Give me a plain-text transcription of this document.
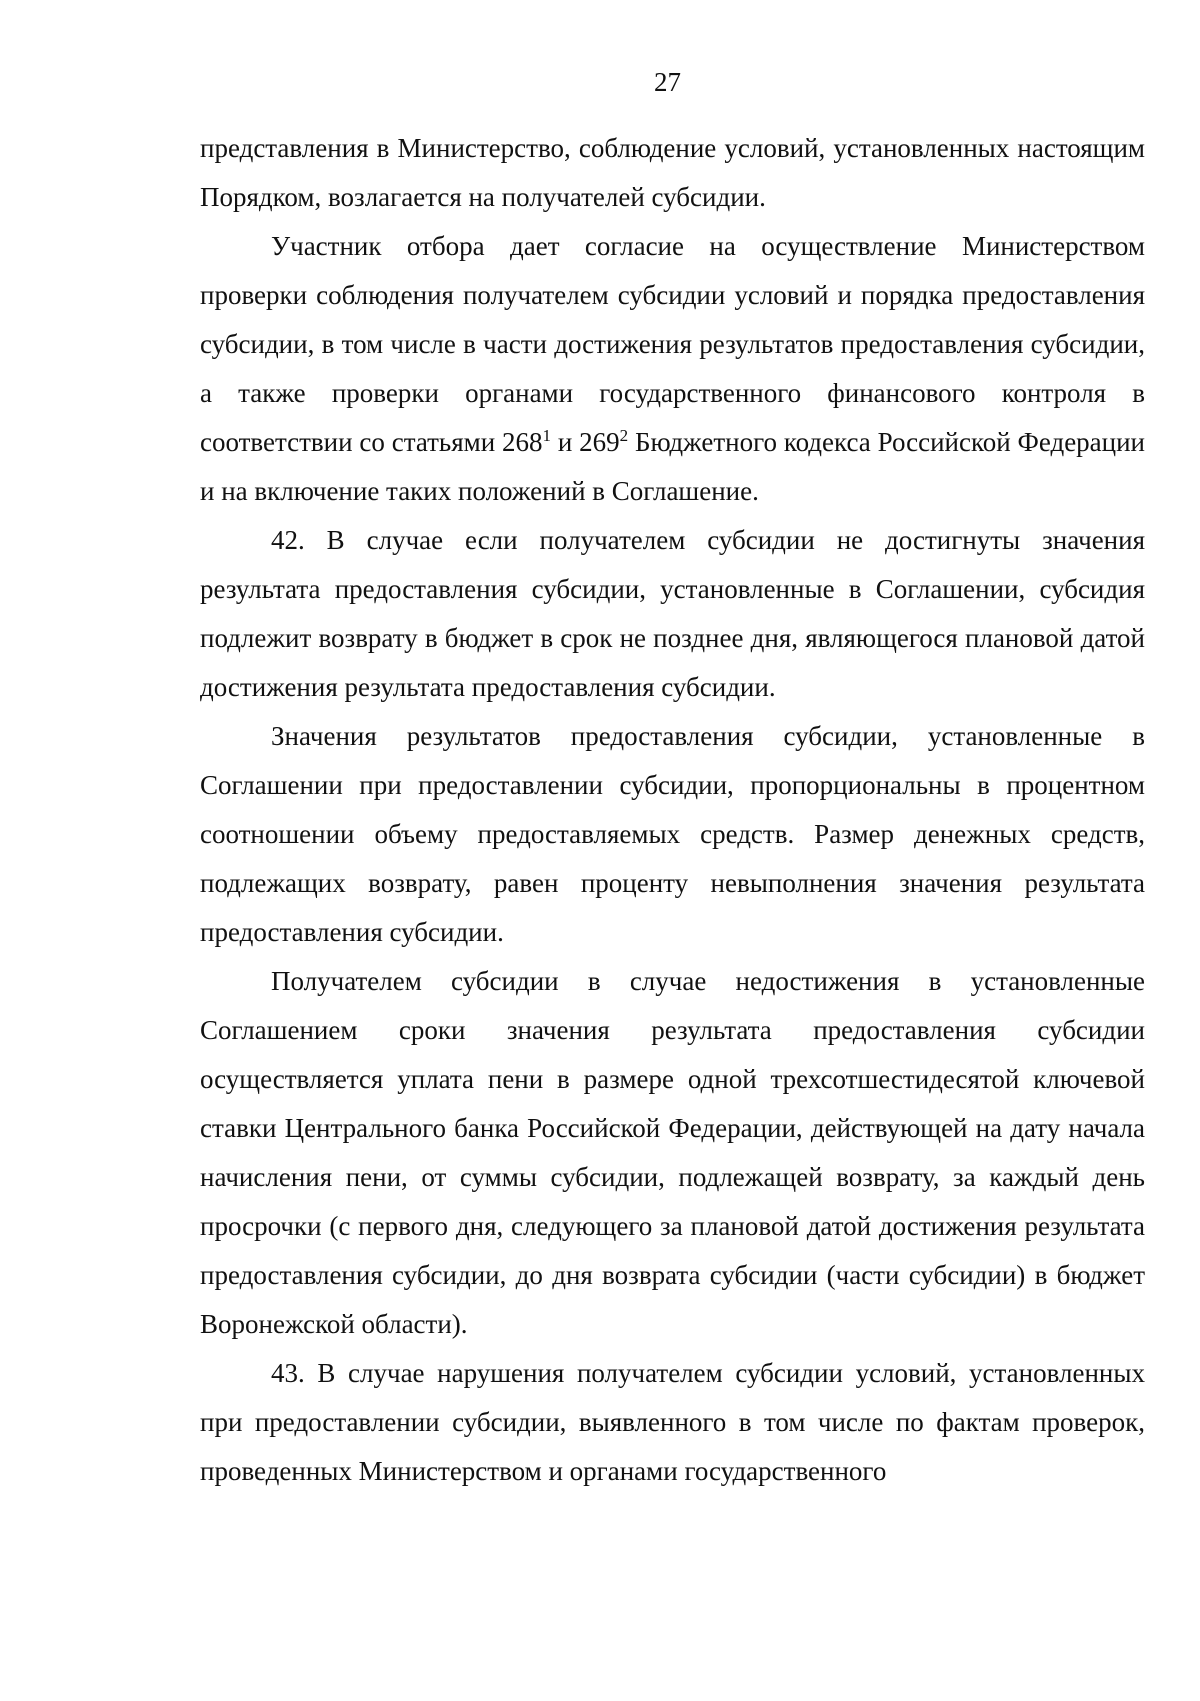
27

представления в Министерство, соблюдение условий, установленных настоящим Порядком, возлагается на получателей субсидии.

Участник отбора дает согласие на осуществление Министерством проверки соблюдения получателем субсидии условий и порядка предоставления субсидии, в том числе в части достижения результатов предоставления субсидии, а также проверки органами государственного финансового контроля в соответствии со статьями $268^1$ и $269^2$ Бюджетного кодекса Российской Федерации и на включение таких положений в Соглашение.

42. В случае если получателем субсидии не достигнуты значения результата предоставления субсидии, установленные в Соглашении, субсидия подлежит возврату в бюджет в срок не позднее дня, являющегося плановой датой достижения результата предоставления субсидии.

Значения результатов предоставления субсидии, установленные в Соглашении при предоставлении субсидии, пропорциональны в процентном соотношении объему предоставляемых средств. Размер денежных средств, подлежащих возврату, равен проценту невыполнения значения результата предоставления субсидии.

Получателем субсидии в случае недостижения в установленные Соглашением сроки значения результата предоставления субсидии осуществляется уплата пени в размере одной трехсотшестидесятой ключевой ставки Центрального банка Российской Федерации, действующей на дату начала начисления пени, от суммы субсидии, подлежащей возврату, за каждый день просрочки (с первого дня, следующего за плановой датой достижения результата предоставления субсидии, до дня возврата субсидии (части субсидии) в бюджет Воронежской области).

43. В случае нарушения получателем субсидии условий, установленных при предоставлении субсидии, выявленного в том числе по фактам проверок, проведенных Министерством и органами государственного
